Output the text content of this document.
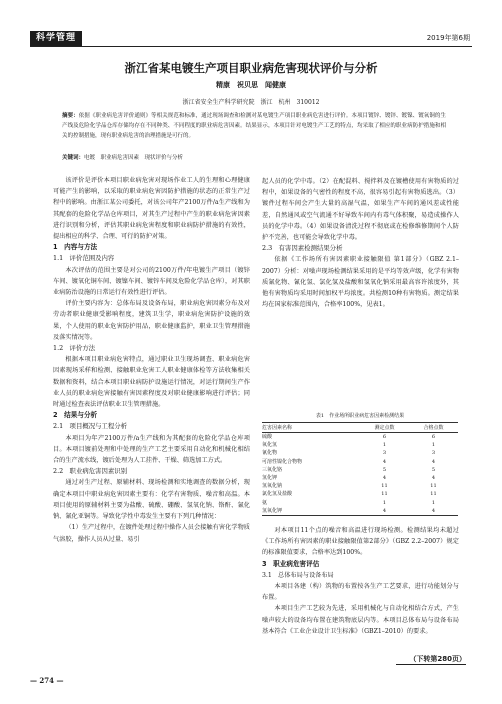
科学管理	2019年第6期
浙江省某电镀生产项目职业病危害现状评价与分析
精康　祝贝思　闻健康
浙江省安全生产科学研究院　浙江　杭州　310012
摘要：依据《职业病危害评价通则》等相关规范和标准，通过现场调查和检测对某电镀生产项目职业病危害进行评价。本项目镀锌、镀锌、镀镍、镀氧铜的生产线及危险化学品仓库存储均存在不同种类、不同程度的职业病危害因素。结果显示，本项目针对电镀生产工艺的特点，均采取了相应的职业病防护措施和相关的控制措施，现有职业病危害的治理措施是可行的。
关键词：电镀　职业病危害因素　现状评价与分析

该评价是评价本项目职业病危害对现场作业工人的生理和心理健康可能产生的影响，以采取的职业病危害因防护措施的状态的正常生产过程中的影响。由浙江某公司委托，对该公司年产2100万件/a生产线和为其配套的危险化学品仓库项目，对其生产过程中产生的职业病危害因素进行识别和分析，评估其职业病危害程度和职业病防护措施的有效性，提出相应的科学、合理、可行的防护对策。

1　内容与方法

1.1　评价范围及内容

本次评估的范围主要是对公司的2100万件/年电镀生产项目（镀锌车间、镀氧化铜车间、镀镍车间、镀锌车间及危险化学品仓库），对其职业病防治设施的日常运行有效性进行评估。

评价主要内容为：总体布局及设备布局，职业病危害因素分布及对劳动者职业健康受影响程度，建筑卫生学，职业病危害防护设施的效果，个人使用的职业危害防护用品，职业健康监护，职业卫生管理措施及落实情况等。

1.2　评价方法

根据本项目职业病危害特点，通过职业卫生现场调查、职业病危害因素现场采样和检测、接触职业危害工人职业健康体检等方法收集相关数据和资料，结合本项目职业病防护设施运行情况，对运行期间生产作业人员的职业病危害接触有害因素程度及对职业健康影响进行评估；同时通过检查表法评估职业卫生管理措施。

2　结果与分析

2.1　项目概况与工程分析

本项目为年产2100万件/a生产线和为其配套的危险化学品仓库项目。本项目镀前处理和中处理的生产工艺主要采用自动化和机械化相结合的生产流水线，镀后处理为人工挂件、干燥、筛选加工方式。

2.2　职业病危害因素识别

通过对生产过程、原辅材料、现场检测和实地调查的数据分析，现确定本项目中职业病危害因素主要有：化学有害物质、噪音和高温。本项目使用的原辅材料主要为盐酸、硫酸、硼酸、氢氧化钠、铬酐、氰化钠、氰化亚铜等。导致化学性中毒发生主要有下列几种情况：

（1）生产过程中，在镀件处理过程中操作人员会接触有害化学物质气溶胶，操作人员从过量、易引

起人员的化学中毒。（2）在配混料、搅拌料及在镀槽使用有害物质的过程中，如果设备的气密性的程度不高，很容易引起有害物质逃出。（3）镀件过程车间会产生大量的高湿气温，如果生产车间的通风差或性能差，自然通风或空气流通不好导致车间内有毒气体积聚，易造成操作人员的化学中毒。（4）如果设备清洗过程不彻底或在检修维修期间个人防护不完善，也可能会导致化学中毒。

2.3　有害因素检测结果分析

依据《工作场所有害因素职业接触限值 第1部分》（GBZ 2.1–2007）分析：对噪声现场检测结果采用的是平均等效声级，化学有害物质氰化物、氰化氢、氯化氢及盐酸和氢氧化钠采用最高容许浓度外，其他有害物质均采用时间加权平均浓度。共检测10种有害物质。测定结果均在国家标准范围内，合格率100%，见表1。

表1　作业场所职业病危害因素检测结果
危害因素名称	测定点数	合格点数
硫酸	6	6
氧化氢	1	1
氰化物	3	3
可溶性镍化合物物	4	4
三氧化铬	5	5
氢化钾	4	4
氢氧化钠	11	11
氯化氢及盐酸	11	11
氨	1	1
氢氧化钾	4	4

对本项目11个点的噪音和高温进行现场检测。检测结果均未超过《工作场所有害因素的职业接触限值第2部分》（GBZ 2.2–2007）规定的标准限值要求，合格率达到100%。

3　职业病危害评估

3.1　总体布局与设备布局

本项目各建（构）筑物的布置按各生产工艺要求，进行功能划分与布置。

本项目生产工艺较为先进，采用机械化与自动化相结合方式，产生噪声较大的设备均布置在建筑物底层内等。本项目总体布局与设备布局基本符合《工业企业设计卫生标准》（GBZ1–2010）的要求。

（下转第280页）
— 274 —
